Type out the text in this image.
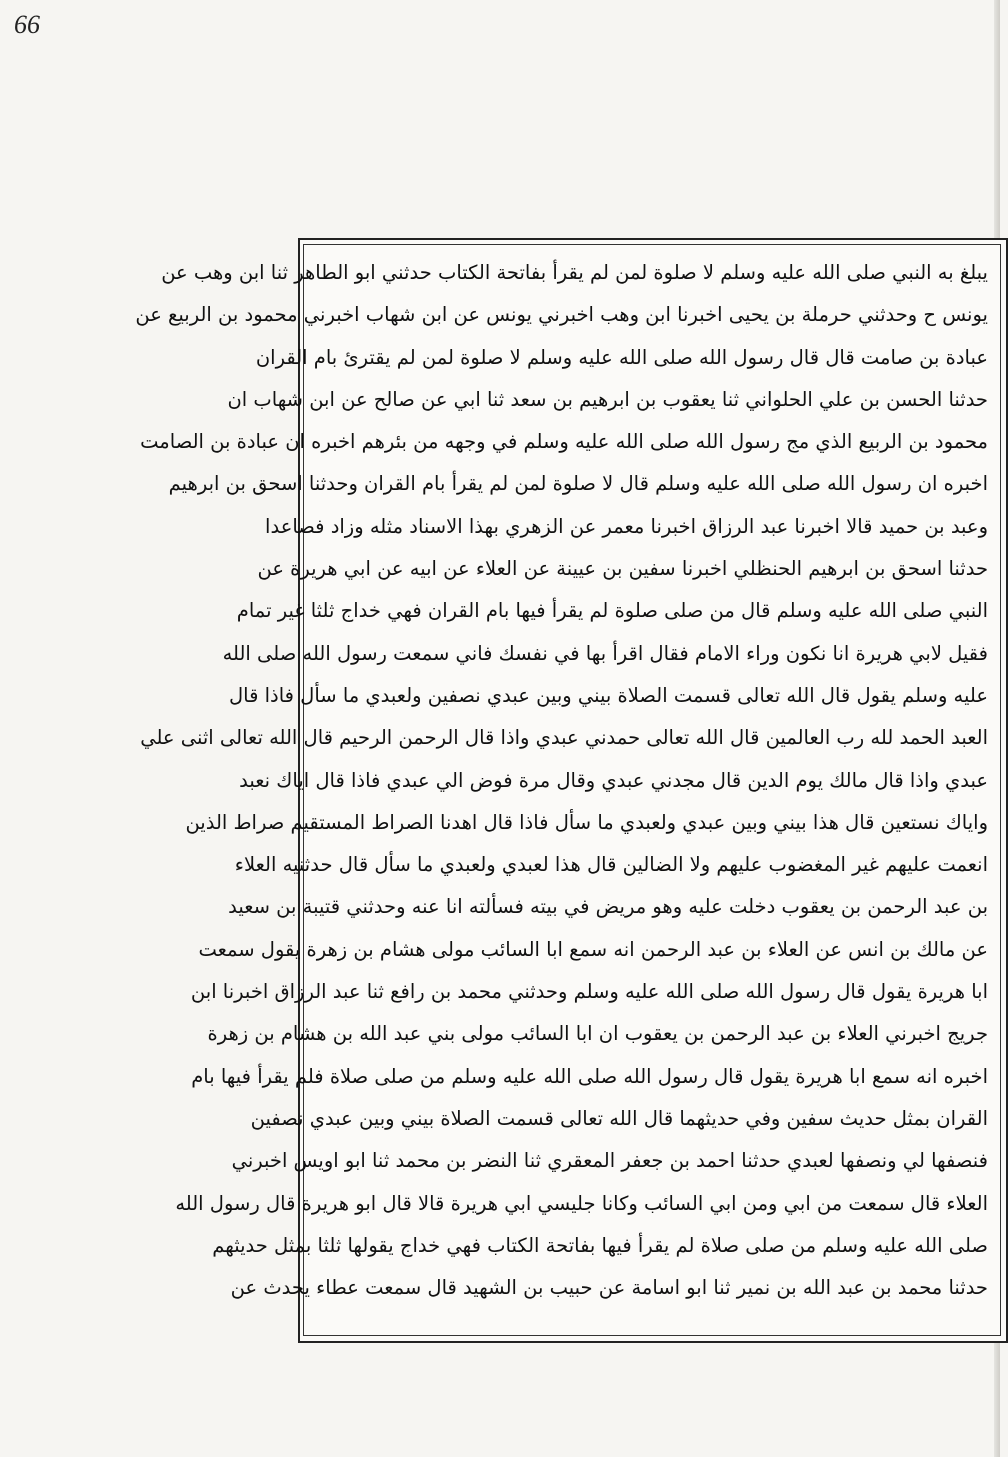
66
يبلغ به النبي صلى الله عليه وسلم لا صلوة لمن لم يقرأ بفاتحة الكتاب حدثني ابو الطاهر ثنا ابن وهب عن
يونس ح وحدثني حرملة بن يحيى اخبرنا ابن وهب اخبرني يونس عن ابن شهاب اخبرني محمود بن الربيع عن
عبادة بن صامت قال قال رسول الله صلى الله عليه وسلم لا صلوة لمن لم يقترئ بام القران
حدثنا الحسن بن علي الحلواني ثنا يعقوب بن ابرهيم بن سعد ثنا ابي عن صالح عن ابن شهاب ان
محمود بن الربيع الذي مج رسول الله صلى الله عليه وسلم في وجهه من بئرهم اخبره ان عبادة بن الصامت
اخبره ان رسول الله صلى الله عليه وسلم قال لا صلوة لمن لم يقرأ بام القران وحدثنا اسحق بن ابرهيم
وعبد بن حميد قالا اخبرنا عبد الرزاق اخبرنا معمر عن الزهري بهذا الاسناد مثله وزاد فصاعدا
حدثنا اسحق بن ابرهيم الحنظلي اخبرنا سفين بن عيينة عن العلاء عن ابيه عن ابي هريرة عن
النبي صلى الله عليه وسلم قال من صلى صلوة لم يقرأ فيها بام القران فهي خداج ثلثا غير تمام
فقيل لابي هريرة انا نكون وراء الامام فقال اقرأ بها في نفسك فاني سمعت رسول الله صلى الله
عليه وسلم يقول قال الله تعالى قسمت الصلاة بيني وبين عبدي نصفين ولعبدي ما سأل فاذا قال
العبد الحمد لله رب العالمين قال الله تعالى حمدني عبدي واذا قال الرحمن الرحيم قال الله تعالى اثنى علي
عبدي واذا قال مالك يوم الدين قال مجدني عبدي وقال مرة فوض الي عبدي فاذا قال اياك نعبد
واياك نستعين قال هذا بيني وبين عبدي ولعبدي ما سأل فاذا قال اهدنا الصراط المستقيم صراط الذين
انعمت عليهم غير المغضوب عليهم ولا الضالين قال هذا لعبدي ولعبدي ما سأل قال حدثنيه العلاء
بن عبد الرحمن بن يعقوب دخلت عليه وهو مريض في بيته فسألته انا عنه وحدثني قتيبة بن سعيد
عن مالك بن انس عن العلاء بن عبد الرحمن انه سمع ابا السائب مولى هشام بن زهرة يقول سمعت
ابا هريرة يقول قال رسول الله صلى الله عليه وسلم وحدثني محمد بن رافع ثنا عبد الرزاق اخبرنا ابن
جريج اخبرني العلاء بن عبد الرحمن بن يعقوب ان ابا السائب مولى بني عبد الله بن هشام بن زهرة
اخبره انه سمع ابا هريرة يقول قال رسول الله صلى الله عليه وسلم من صلى صلاة فلم يقرأ فيها بام
القران بمثل حديث سفين وفي حديثهما قال الله تعالى قسمت الصلاة بيني وبين عبدي نصفين
فنصفها لي ونصفها لعبدي حدثنا احمد بن جعفر المعقري ثنا النضر بن محمد ثنا ابو اويس اخبرني
العلاء قال سمعت من ابي ومن ابي السائب وكانا جليسي ابي هريرة قالا قال ابو هريرة قال رسول الله
صلى الله عليه وسلم من صلى صلاة لم يقرأ فيها بفاتحة الكتاب فهي خداج يقولها ثلثا بمثل حديثهم
حدثنا محمد بن عبد الله بن نمير ثنا ابو اسامة عن حبيب بن الشهيد قال سمعت عطاء يحدث عن
